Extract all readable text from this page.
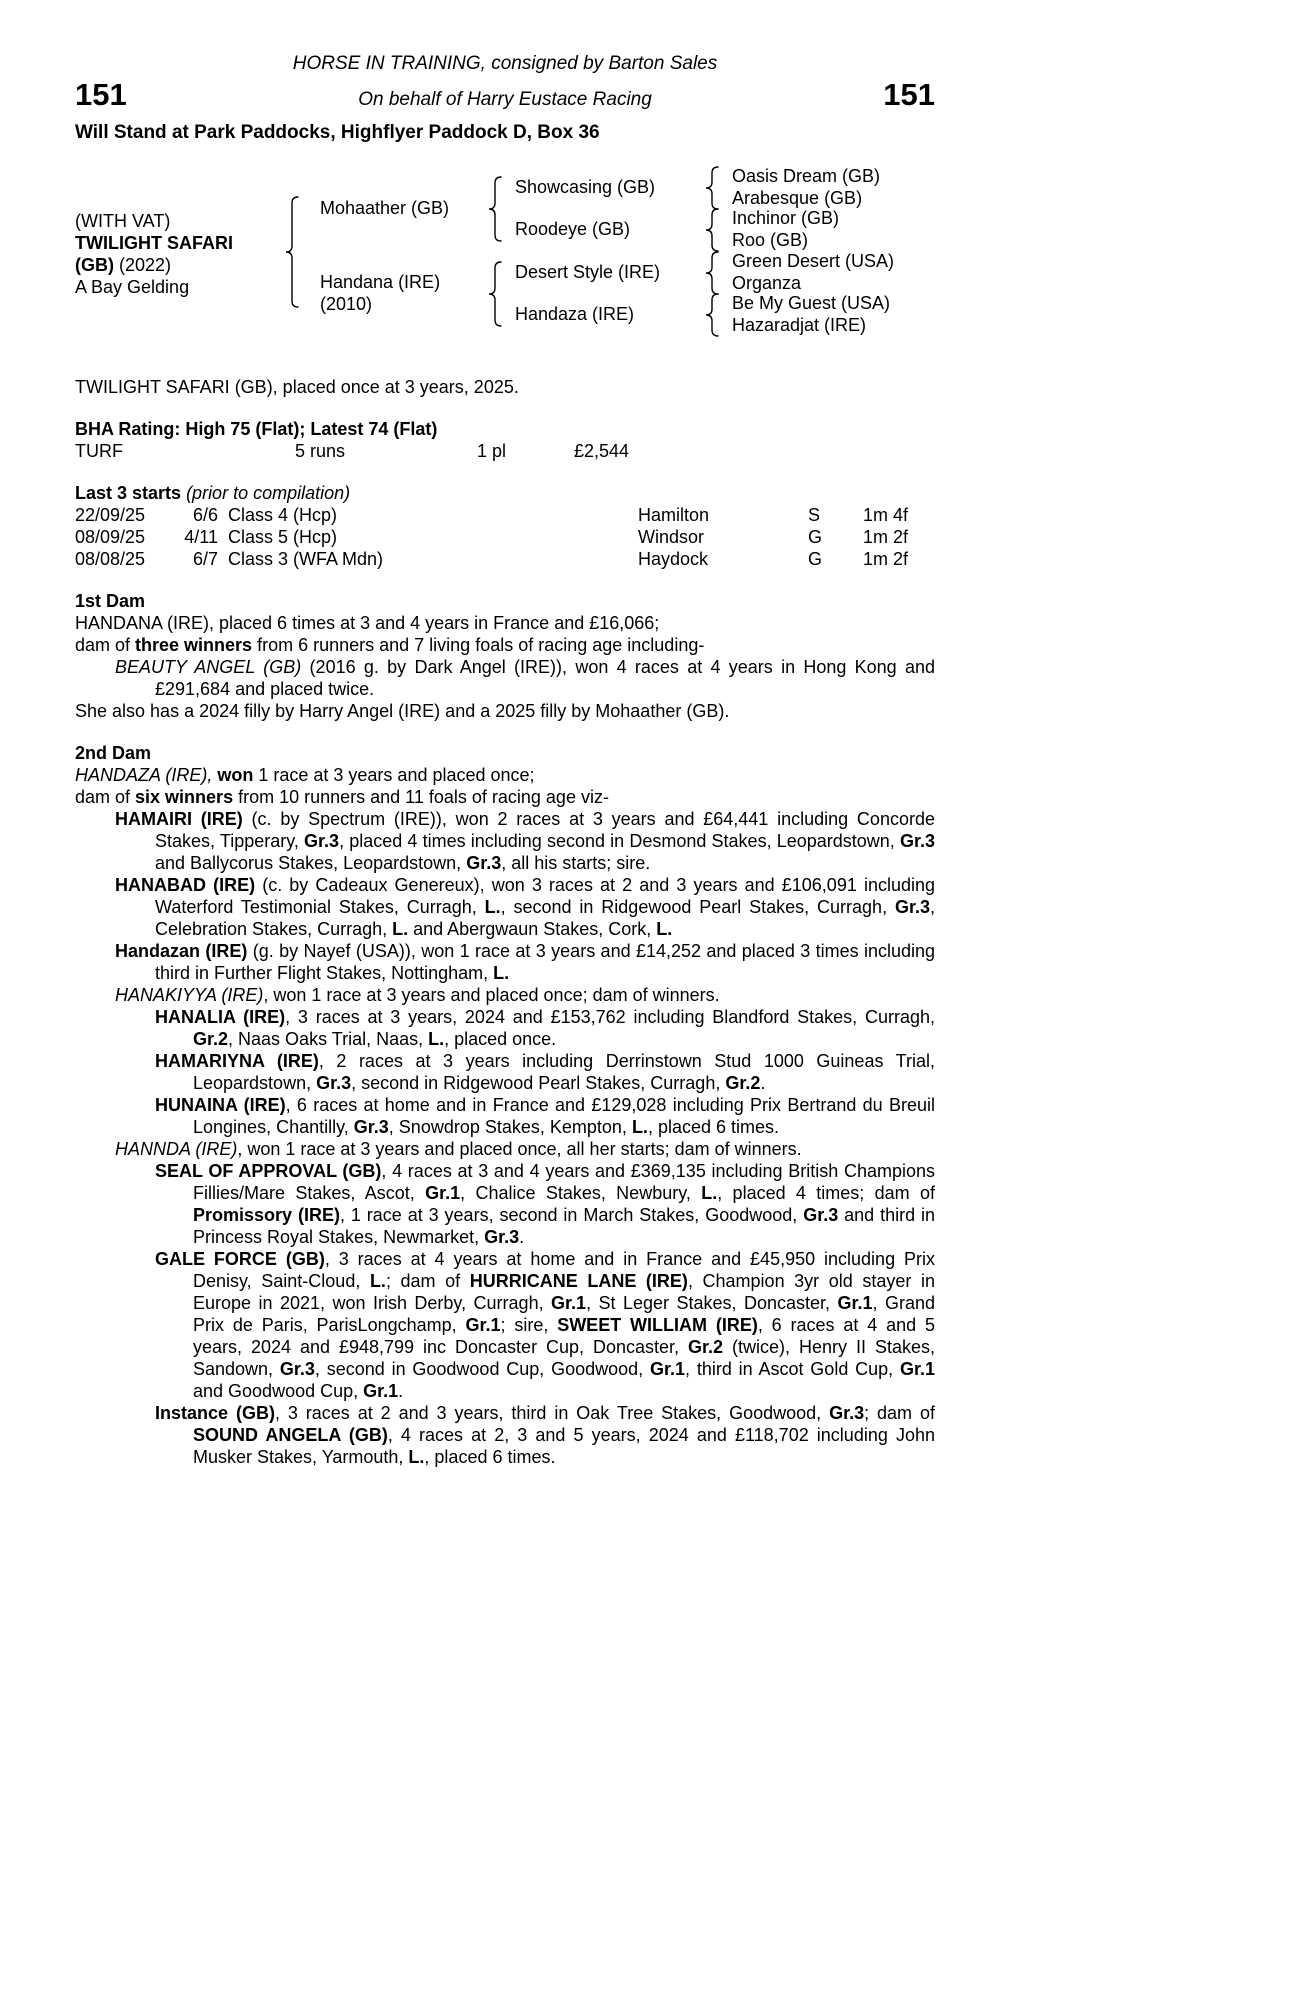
HORSE IN TRAINING, consigned by Barton Sales
151	On behalf of Harry Eustace Racing	151
Will Stand at Park Paddocks, Highflyer Paddock D, Box 36
(WITH VAT)
TWILIGHT SAFARI
(GB) (2022)
A Bay Gelding
Mohaather (GB)
Handana (IRE)
(2010)
Showcasing (GB)
Roodeye (GB)
Desert Style (IRE)
Handaza (IRE)
Oasis Dream (GB)
Arabesque (GB)
Inchinor (GB)
Roo (GB)
Green Desert (USA)
Organza
Be My Guest (USA)
Hazaradjat (IRE)
TWILIGHT SAFARI (GB), placed once at 3 years, 2025.
BHA Rating: High 75 (Flat); Latest 74 (Flat)
TURF	5 runs	1 pl	£2,544
Last 3 starts (prior to compilation)
22/09/25	6/6 Class 4 (Hcp)	Hamilton	S	1m 4f
08/09/25	4/11 Class 5 (Hcp)	Windsor	G	1m 2f
08/08/25	6/7 Class 3 (WFA Mdn)	Haydock	G	1m 2f
1st Dam
HANDANA (IRE), placed 6 times at 3 and 4 years in France and £16,066;
dam of three winners from 6 runners and 7 living foals of racing age including-
BEAUTY ANGEL (GB) (2016 g. by Dark Angel (IRE)), won 4 races at 4 years in Hong Kong and £291,684 and placed twice.
She also has a 2024 filly by Harry Angel (IRE) and a 2025 filly by Mohaather (GB).
2nd Dam
HANDAZA (IRE), won 1 race at 3 years and placed once;
dam of six winners from 10 runners and 11 foals of racing age viz-
HAMAIRI (IRE) (c. by Spectrum (IRE)), won 2 races at 3 years and £64,441 including Concorde Stakes, Tipperary, Gr.3, placed 4 times including second in Desmond Stakes, Leopardstown, Gr.3 and Ballycorus Stakes, Leopardstown, Gr.3, all his starts; sire.
HANABAD (IRE) (c. by Cadeaux Genereux), won 3 races at 2 and 3 years and £106,091 including Waterford Testimonial Stakes, Curragh, L., second in Ridgewood Pearl Stakes, Curragh, Gr.3, Celebration Stakes, Curragh, L. and Abergwaun Stakes, Cork, L.
Handazan (IRE) (g. by Nayef (USA)), won 1 race at 3 years and £14,252 and placed 3 times including third in Further Flight Stakes, Nottingham, L.
HANAKIYYA (IRE), won 1 race at 3 years and placed once; dam of winners.
HANALIA (IRE), 3 races at 3 years, 2024 and £153,762 including Blandford Stakes, Curragh, Gr.2, Naas Oaks Trial, Naas, L., placed once.
HAMARIYNA (IRE), 2 races at 3 years including Derrinstown Stud 1000 Guineas Trial, Leopardstown, Gr.3, second in Ridgewood Pearl Stakes, Curragh, Gr.2.
HUNAINA (IRE), 6 races at home and in France and £129,028 including Prix Bertrand du Breuil Longines, Chantilly, Gr.3, Snowdrop Stakes, Kempton, L., placed 6 times.
HANNDA (IRE), won 1 race at 3 years and placed once, all her starts; dam of winners.
SEAL OF APPROVAL (GB), 4 races at 3 and 4 years and £369,135 including British Champions Fillies/Mare Stakes, Ascot, Gr.1, Chalice Stakes, Newbury, L., placed 4 times; dam of Promissory (IRE), 1 race at 3 years, second in March Stakes, Goodwood, Gr.3 and third in Princess Royal Stakes, Newmarket, Gr.3.
GALE FORCE (GB), 3 races at 4 years at home and in France and £45,950 including Prix Denisy, Saint-Cloud, L.; dam of HURRICANE LANE (IRE), Champion 3yr old stayer in Europe in 2021, won Irish Derby, Curragh, Gr.1, St Leger Stakes, Doncaster, Gr.1, Grand Prix de Paris, ParisLongchamp, Gr.1; sire, SWEET WILLIAM (IRE), 6 races at 4 and 5 years, 2024 and £948,799 inc Doncaster Cup, Doncaster, Gr.2 (twice), Henry II Stakes, Sandown, Gr.3, second in Goodwood Cup, Goodwood, Gr.1, third in Ascot Gold Cup, Gr.1 and Goodwood Cup, Gr.1.
Instance (GB), 3 races at 2 and 3 years, third in Oak Tree Stakes, Goodwood, Gr.3; dam of SOUND ANGELA (GB), 4 races at 2, 3 and 5 years, 2024 and £118,702 including John Musker Stakes, Yarmouth, L., placed 6 times.
